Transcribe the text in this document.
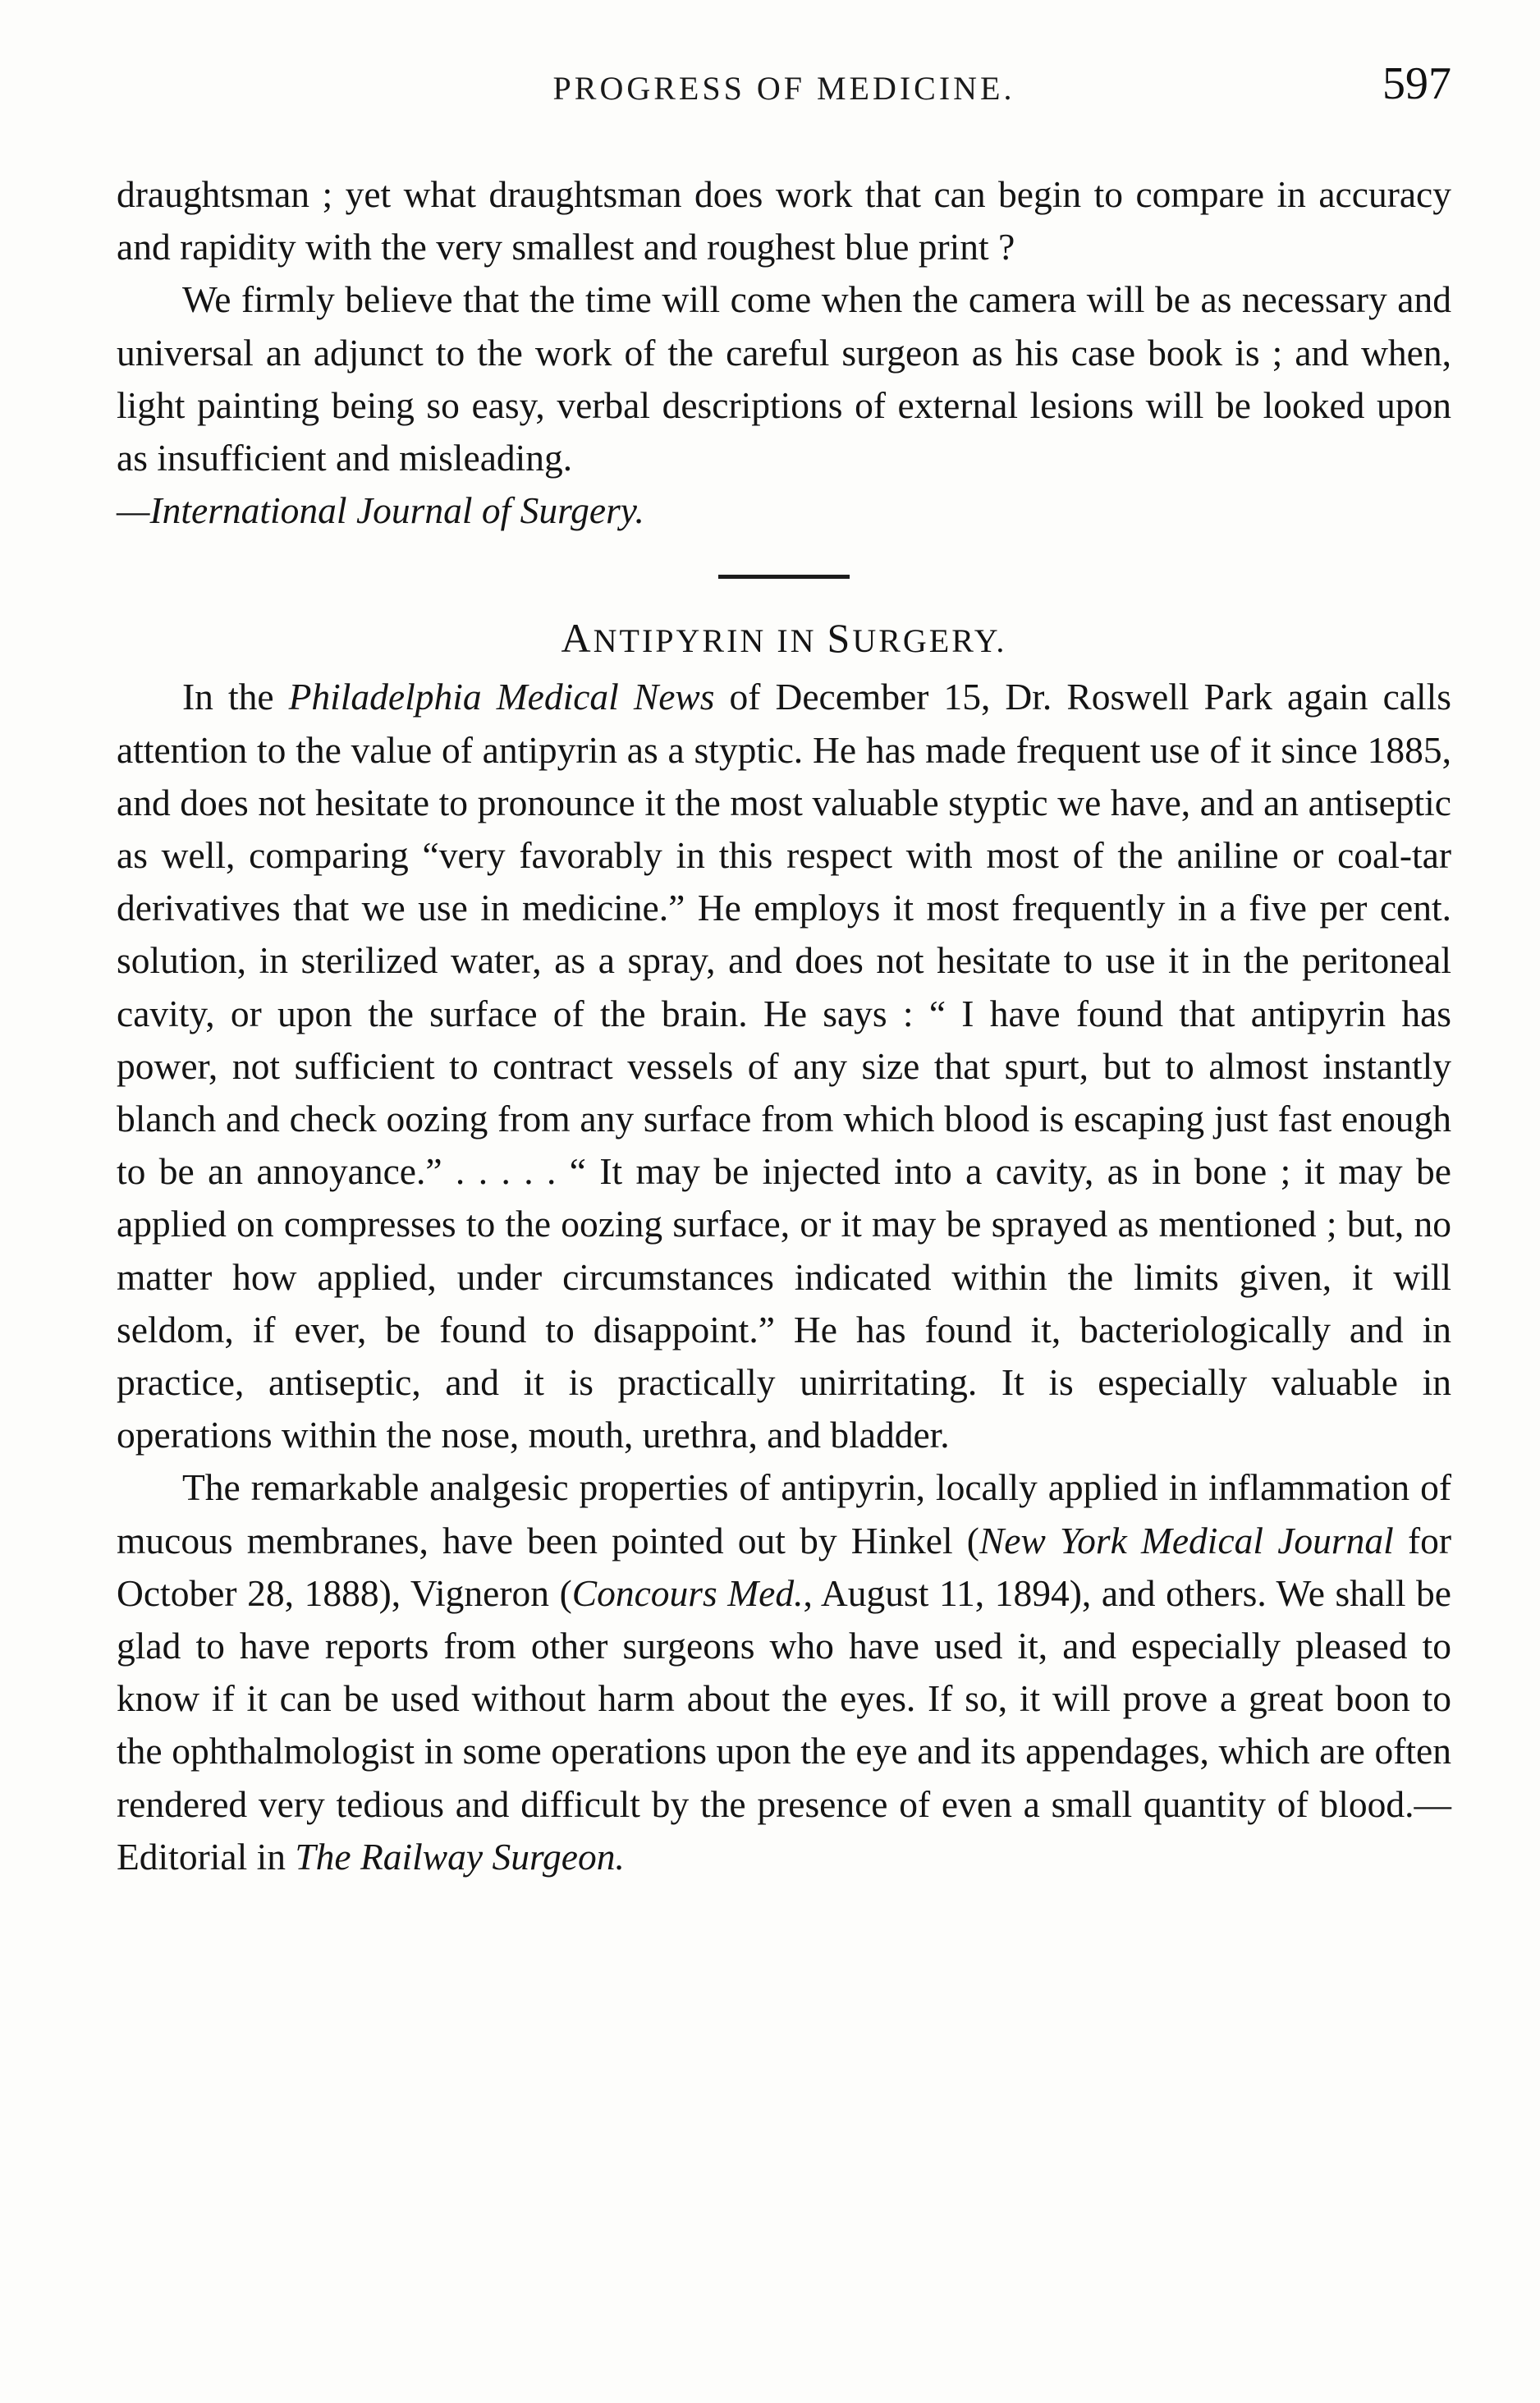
PROGRESS OF MEDICINE.	597

draughtsman ; yet what draughtsman does work that can begin to compare in accuracy and rapidity with the very smallest and roughest blue print ?

We firmly believe that the time will come when the camera will be as necessary and universal an adjunct to the work of the careful surgeon as his case book is ; and when, light painting being so easy, verbal descriptions of external lesions will be looked upon as insufficient and misleading.

—International Journal of Surgery.

ANTIPYRIN IN SURGERY.

In the Philadelphia Medical News of December 15, Dr. Roswell Park again calls attention to the value of antipyrin as a styptic. He has made frequent use of it since 1885, and does not hesitate to pronounce it the most valuable styptic we have, and an antiseptic as well, comparing “very favorably in this respect with most of the aniline or coal-tar derivatives that we use in medicine.” He employs it most frequently in a five per cent. solution, in sterilized water, as a spray, and does not hesitate to use it in the peritoneal cavity, or upon the surface of the brain. He says : “ I have found that antipyrin has power, not sufficient to contract vessels of any size that spurt, but to almost instantly blanch and check oozing from any surface from which blood is escaping just fast enough to be an annoyance.” . . . . . “ It may be injected into a cavity, as in bone ; it may be applied on compresses to the oozing surface, or it may be sprayed as mentioned ; but, no matter how applied, under circumstances indicated within the limits given, it will seldom, if ever, be found to disappoint.” He has found it, bacteriologically and in practice, antiseptic, and it is practically unirritating. It is especially valuable in operations within the nose, mouth, urethra, and bladder.

The remarkable analgesic properties of antipyrin, locally applied in inflammation of mucous membranes, have been pointed out by Hinkel (New York Medical Journal for October 28, 1888), Vigneron (Concours Med., August 11, 1894), and others. We shall be glad to have reports from other surgeons who have used it, and especially pleased to know if it can be used without harm about the eyes. If so, it will prove a great boon to the ophthalmologist in some operations upon the eye and its appendages, which are often rendered very tedious and difficult by the presence of even a small quantity of blood.—Editorial in The Railway Surgeon.
